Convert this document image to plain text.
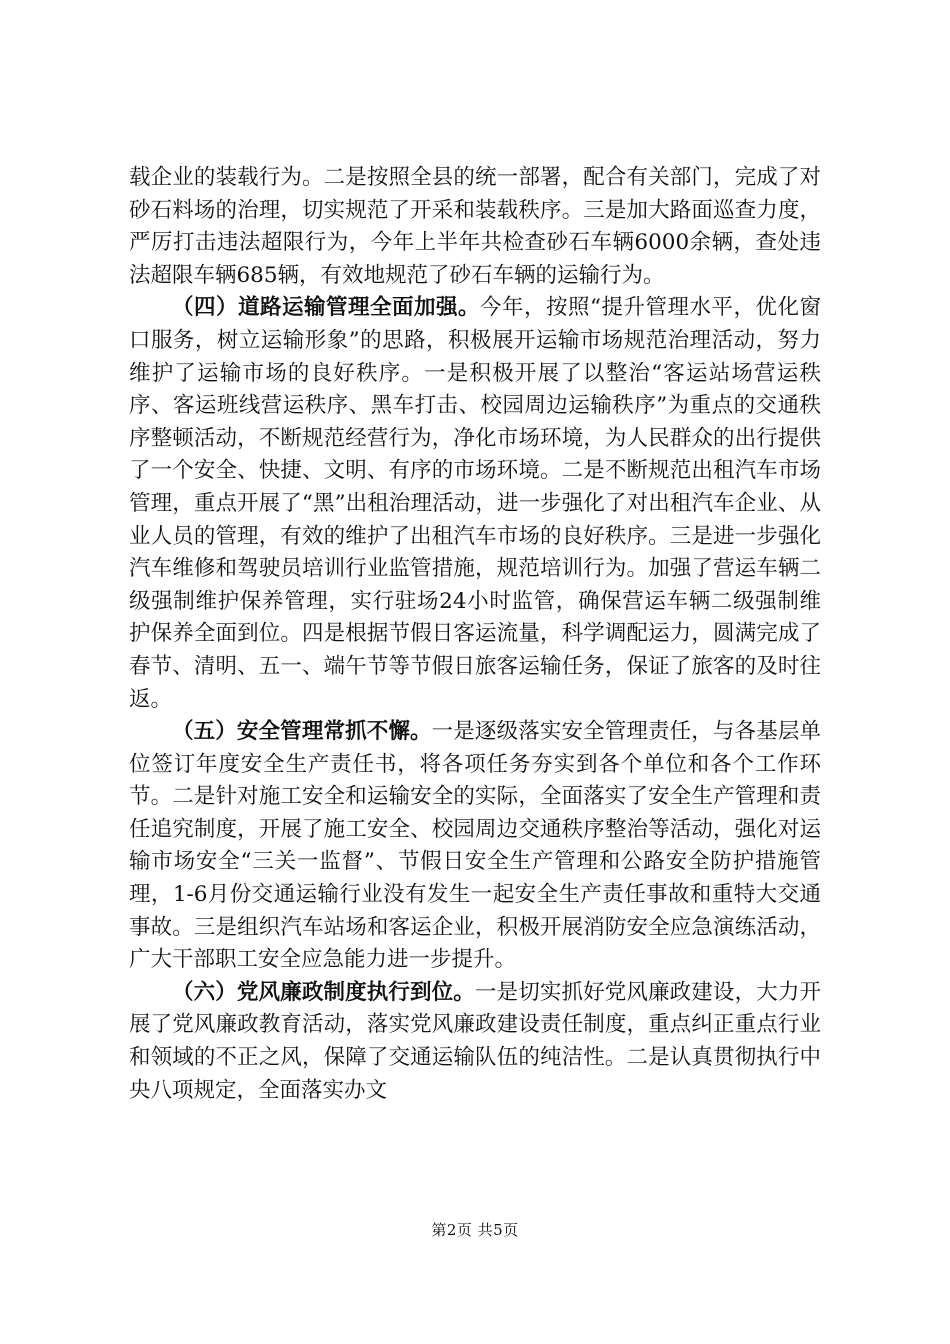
载企业的装载行为。二是按照全县的统一部署，配合有关部门，完成了对砂石料场的治理，切实规范了开采和装载秩序。三是加大路面巡查力度，严厉打击违法超限行为，今年上半年共检查砂石车辆6000余辆，查处违法超限车辆685辆，有效地规范了砂石车辆的运输行为。

（四）道路运输管理全面加强。今年，按照“提升管理水平，优化窗口服务，树立运输形象”的思路，积极展开运输市场规范治理活动，努力维护了运输市场的良好秩序。一是积极开展了以整治“客运站场营运秩序、客运班线营运秩序、黑车打击、校园周边运输秩序”为重点的交通秩序整顿活动，不断规范经营行为，净化市场环境，为人民群众的出行提供了一个安全、快捷、文明、有序的市场环境。二是不断规范出租汽车市场管理，重点开展了“黑”出租治理活动，进一步强化了对出租汽车企业、从业人员的管理，有效的维护了出租汽车市场的良好秩序。三是进一步强化汽车维修和驾驶员培训行业监管措施，规范培训行为。加强了营运车辆二级强制维护保养管理，实行驻场24小时监管，确保营运车辆二级强制维护保养全面到位。四是根据节假日客运流量，科学调配运力，圆满完成了春节、清明、五一、端午节等节假日旅客运输任务，保证了旅客的及时往返。

（五）安全管理常抓不懈。一是逐级落实安全管理责任，与各基层单位签订年度安全生产责任书，将各项任务夯实到各个单位和各个工作环节。二是针对施工安全和运输安全的实际，全面落实了安全生产管理和责任追究制度，开展了施工安全、校园周边交通秩序整治等活动，强化对运输市场安全“三关一监督”、节假日安全生产管理和公路安全防护措施管理，1-6月份交通运输行业没有发生一起安全生产责任事故和重特大交通事故。三是组织汽车站场和客运企业，积极开展消防安全应急演练活动，广大干部职工安全应急能力进一步提升。

（六）党风廉政制度执行到位。一是切实抓好党风廉政建设，大力开展了党风廉政教育活动，落实党风廉政建设责任制度，重点纠正重点行业和领域的不正之风，保障了交通运输队伍的纯洁性。二是认真贯彻执行中央八项规定，全面落实办文

第2页 共5页
